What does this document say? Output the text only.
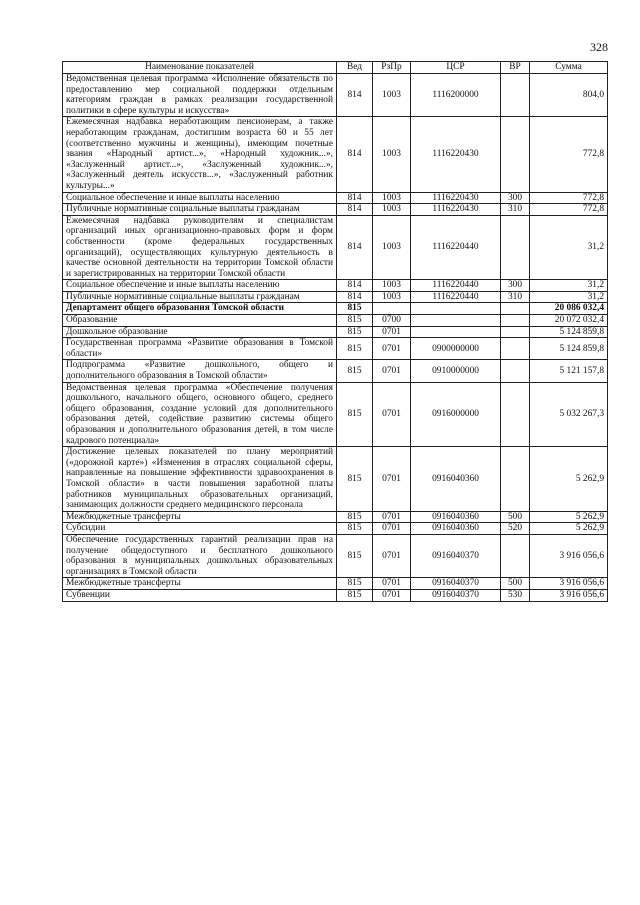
328
Наименование показателей	Вед	РзПр	ЦСР	ВР	Сумма
Ведомственная целевая программа «Исполнение обязательств по предоставлению мер социальной поддержки отдельным категориям граждан в рамках реализации государственной политики в сфере культуры и искусства»	814	1003	1116200000		804,0
Ежемесячная надбавка неработающим пенсионерам, а также неработающим гражданам, достигшим возраста 60 и 55 лет (соответственно мужчины и женщины), имеющим почетные звания «Народный артист...», «Народный художник...», «Заслуженный артист...», «Заслуженный художник...», «Заслуженный деятель искусств...», «Заслуженный работник культуры...»	814	1003	1116220430		772,8
Социальное обеспечение и иные выплаты населению	814	1003	1116220430	300	772,8
Публичные нормативные социальные выплаты гражданам	814	1003	1116220430	310	772,8
Ежемесячная надбавка руководителям и специалистам организаций иных организационно-правовых форм и форм собственности (кроме федеральных государственных организаций), осуществляющих культурную деятельность в качестве основной деятельности на территории Томской области и зарегистрированных на территории Томской области	814	1003	1116220440		31,2
Социальное обеспечение и иные выплаты населению	814	1003	1116220440	300	31,2
Публичные нормативные социальные выплаты гражданам	814	1003	1116220440	310	31,2
Департамент общего образования Томской области	815				20 086 032,4
Образование	815	0700			20 072 032,4
Дошкольное образование	815	0701			5 124 859,8
Государственная программа «Развитие образования в Томской области»	815	0701	0900000000		5 124 859,8
Подпрограмма «Развитие дошкольного, общего и дополнительного образования в Томской области»	815	0701	0910000000		5 121 157,8
Ведомственная целевая программа «Обеспечение получения дошкольного, начального общего, основного общего, среднего общего образования, создание условий для дополнительного образования детей, содействие развитию системы общего образования и дополнительного образования детей, в том числе кадрового потенциала»	815	0701	0916000000		5 032 267,3
Достижение целевых показателей по плану мероприятий («дорожной карте») «Изменения в отраслях социальной сферы, направленные на повышение эффективности здравоохранения в Томской области» в части повышения заработной платы работников муниципальных образовательных организаций, занимающих должности среднего медицинского персонала	815	0701	0916040360		5 262,9
Межбюджетные трансферты	815	0701	0916040360	500	5 262,9
Субсидии	815	0701	0916040360	520	5 262,9
Обеспечение государственных гарантий реализации прав на получение общедоступного и бесплатного дошкольного образования в муниципальных дошкольных образовательных организациях в Томской области	815	0701	0916040370		3 916 056,6
Межбюджетные трансферты	815	0701	0916040370	500	3 916 056,6
Субвенции	815	0701	0916040370	530	3 916 056,6
